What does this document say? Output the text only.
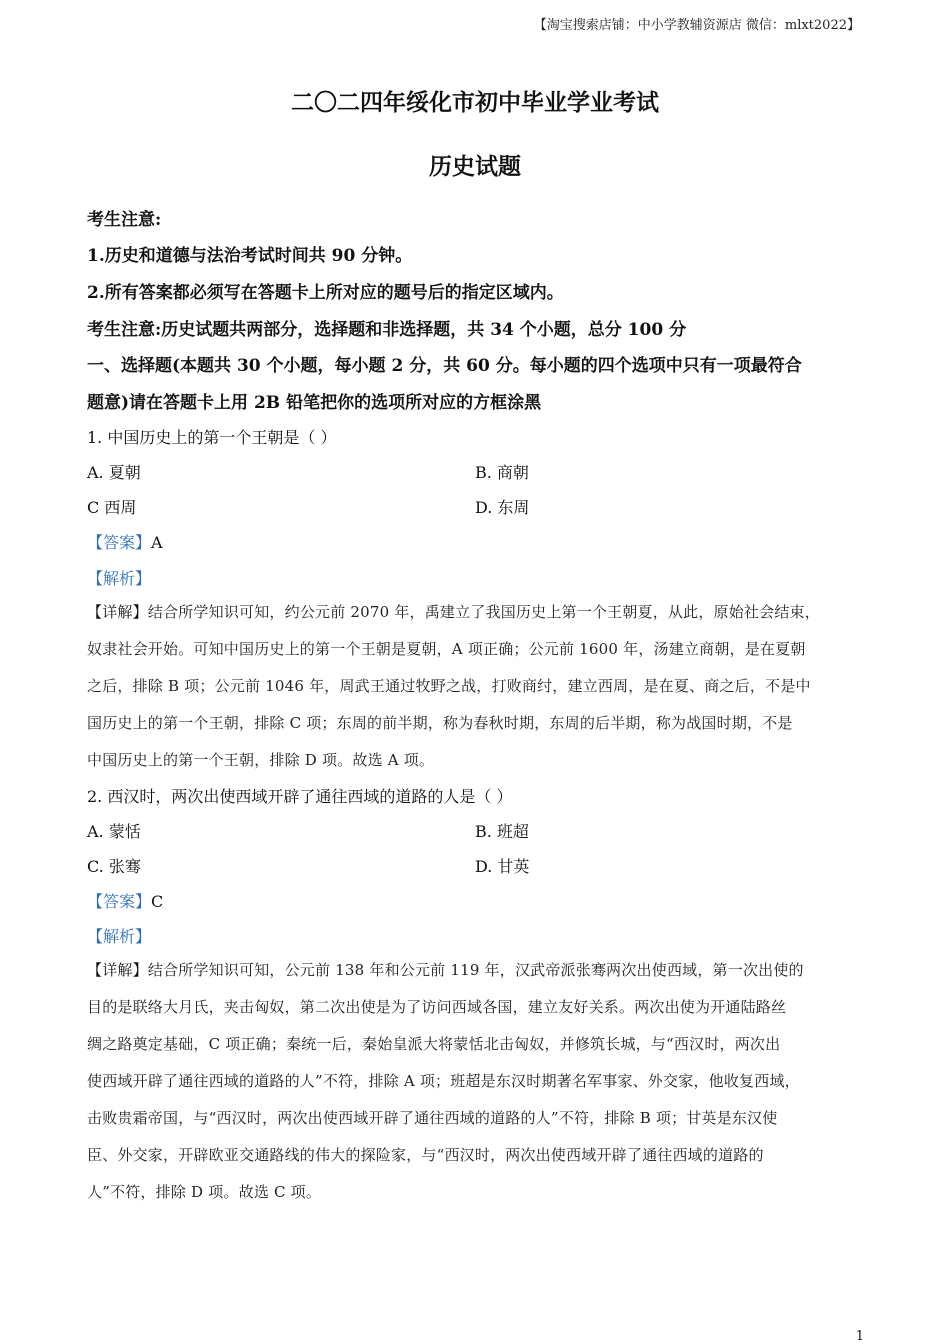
【淘宝搜索店铺：中小学教辅资源店 微信：mlxt2022】
二〇二四年绥化市初中毕业学业考试
历史试题
考生注意:
1.历史和道德与法治考试时间共 90 分钟。
2.所有答案都必须写在答题卡上所对应的题号后的指定区域内。
考生注意:历史试题共两部分，选择题和非选择题，共 34 个小题，总分 100 分
一、选择题(本题共 30 个小题，每小题 2 分，共 60 分。每小题的四个选项中只有一项最符合
题意)请在答题卡上用 2B 铅笔把你的选项所对应的方框涂黑
1. 中国历史上的第一个王朝是（ ）
A. 夏朝	B. 商朝
C 西周	D. 东周
【答案】A
【解析】
【详解】结合所学知识可知，约公元前 2070 年，禹建立了我国历史上第一个王朝夏，从此，原始社会结束，
奴隶社会开始。可知中国历史上的第一个王朝是夏朝，A 项正确；公元前 1600 年，汤建立商朝，是在夏朝
之后，排除 B 项；公元前 1046 年，周武王通过牧野之战，打败商纣，建立西周，是在夏、商之后，不是中
国历史上的第一个王朝，排除 C 项；东周的前半期，称为春秋时期，东周的后半期，称为战国时期，不是
中国历史上的第一个王朝，排除 D 项。故选 A 项。
2. 西汉时，两次出使西域开辟了通往西域的道路的人是（ ）
A. 蒙恬	B. 班超
C. 张骞	D. 甘英
【答案】C
【解析】
【详解】结合所学知识可知，公元前 138 年和公元前 119 年，汉武帝派张骞两次出使西域，第一次出使的
目的是联络大月氏，夹击匈奴，第二次出使是为了访问西域各国，建立友好关系。两次出使为开通陆路丝
绸之路奠定基础，C 项正确；秦统一后，秦始皇派大将蒙恬北击匈奴，并修筑长城，与“西汉时，两次出
使西域开辟了通往西域的道路的人”不符，排除 A 项；班超是东汉时期著名军事家、外交家，他收复西域，
击败贵霜帝国，与“西汉时，两次出使西域开辟了通往西域的道路的人”不符，排除 B 项；甘英是东汉使
臣、外交家，开辟欧亚交通路线的伟大的探险家，与“西汉时，两次出使西域开辟了通往西域的道路的
人”不符，排除 D 项。故选 C 项。
1
